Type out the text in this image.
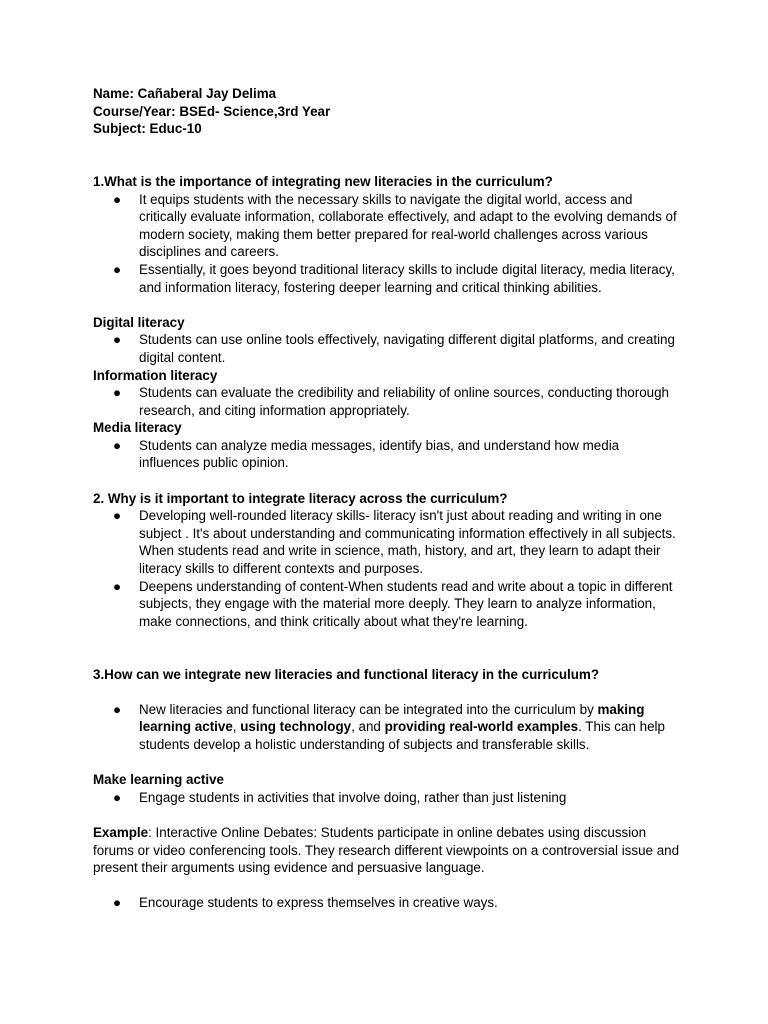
Name: Cañaberal Jay Delima

Course/Year: BSEd- Science,3rd Year

Subject: Educ-10

1.What is the importance of integrating new literacies in the curriculum?

● It equips students with the necessary skills to navigate the digital world, access and critically evaluate information, collaborate effectively, and adapt to the evolving demands of modern society, making them better prepared for real-world challenges across various disciplines and careers.
● Essentially, it goes beyond traditional literacy skills to include digital literacy, media literacy, and information literacy, fostering deeper learning and critical thinking abilities.

Digital literacy

● Students can use online tools effectively, navigating different digital platforms, and creating digital content.

Information literacy

● Students can evaluate the credibility and reliability of online sources, conducting thorough research, and citing information appropriately.

Media literacy

● Students can analyze media messages, identify bias, and understand how media influences public opinion.

2. Why is it important to integrate literacy across the curriculum?

● Developing well-rounded literacy skills- literacy isn't just about reading and writing in one subject . It's about understanding and communicating information effectively in all subjects. When students read and write in science, math, history, and art, they learn to adapt their literacy skills to different contexts and purposes.
● Deepens understanding of content-When students read and write about a topic in different subjects, they engage with the material more deeply. They learn to analyze information, make connections, and think critically about what they're learning.

3.How can we integrate new literacies and functional literacy in the curriculum?

● New literacies and functional literacy can be integrated into the curriculum by making learning active, using technology, and providing real-world examples. This can help students develop a holistic understanding of subjects and transferable skills.

Make learning active

● Engage students in activities that involve doing, rather than just listening

Example: Interactive Online Debates: Students participate in online debates using discussion forums or video conferencing tools. They research different viewpoints on a controversial issue and present their arguments using evidence and persuasive language.

● Encourage students to express themselves in creative ways.
